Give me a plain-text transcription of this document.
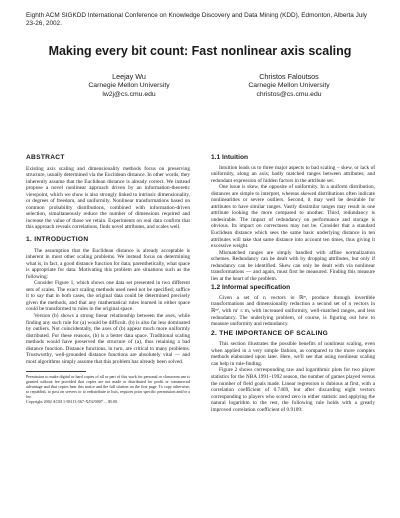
Eighth ACM SIGKDD International Conference on Knowledge Discovery and Data Mining (KDD), Edmonton, Alberta July 23-26, 2002.
Making every bit count: Fast nonlinear axis scaling
Leejay Wu
Carnegie Mellon University
lw2j@cs.cmu.edu
Christos Faloutsos
Carnegie Mellon University
christos@cs.cmu.edu
ABSTRACT

Existing axis scaling and dimensionality methods focus on preserving structure, usually determined via the Euclidean distance. In other words, they inherently assume that the Euclidean distance is already correct. We instead propose a novel nonlinear approach driven by an information-theoretic viewpoint, which we show is also strongly linked to intrinsic dimensionality, or degrees of freedom, and uniformity. Nonlinear transformations based on common probability distributions, combined with information-driven selection, simultaneously reduce the number of dimensions required and increase the value of those we retain. Experiments on real data confirm that this approach reveals correlations, finds novel attributes, and scales well.

1. INTRODUCTION

The assumption that the Euclidean distance is already acceptable is inherent in most other scaling problems. We instead focus on determining what is, in fact, a good distance function for data; parenthetically, what space is appropriate for data. Motivating this problem are situations such as the following:

Consider Figure 1, which shows one data set presented in two different sets of scales. The exact scaling methods used need not be specified; suffice it to say that in both cases, the original data could be determined precisely given the methods, and that any mathematical rules learned in either space could be transformed to rules in the original space.

Version (b) shows a strong linear relationship between the axes, while finding any such rule for (a) would be difficult. (b) is also far less dominated by outliers. Not coincidentally, the axes of (b) appear much more uniformly distributed. For these reasons, (b) is a better data space. Traditional scaling methods would have preserved the structure of (a), thus retaining a bad distance function. Distance functions, in turn, are critical to many problems. Trustworthy, well-grounded distance functions are absolutely vital — and most algorithms simply assume that this problem has already been solved.

Permission to make digital or hard copies of all or part of this work for personal or classroom use is granted without fee provided that copies are not made or distributed for profit or commercial advantage and that copies bear this notice and the full citation on the first page. To copy otherwise, to republish, to post on servers or to redistribute to lists, requires prior specific permission and/or a fee.

Copyright 2002 ACM 1-58113-567-X/02/0007 ... $5.00.

1.1 Intuition

Intuition leads us to three major aspects to bad scaling – skew, or lack of uniformity, along an axis; badly matched ranges between attributes; and redundant expression of hidden factors in the attribute set.

One issue is skew, the opposite of uniformity. In a uniform distribution, distances are simple to interpret, whereas skewed distributions often indicate nonlinearities or severe outliers. Second, it may well be desirable for attributes to have similar ranges. Vastly dissimilar ranges may result in one attribute looking the more compared to another. Third, redundancy is undesirable. The impact of redundancy on performance and storage is obvious. Its impact on correctness may not be. Consider that a standard Euclidean distance which sees the same basic underlying distance in ten attributes will take that same distance into account ten times, thus giving it excessive weight.

Mismatched ranges are simply handled with affine normalization schemes. Redundancy can be dealt with by dropping attributes, but only if redundancy can be identified. Skew can only be dealt with via nonlinear transformations — and again, must first be measured. Finding this measure lies at the heart of the problem.

1.2 Informal specification

Given a set of n vectors in ℝᵐ, produce through invertible transformations and dimensionality reduction a second set of n vectors in ℝᵐ′, with m′ ≤ m, with increased uniformity, well-matched ranges, and less redundancy. The underlying problem, of course, is figuring out how to measure uniformity and redundancy.

2. THE IMPORTANCE OF SCALING

This section illustrates the possible benefits of nonlinear scaling, even when applied in a very simple fashion, as compared to the more complex methods elaborated upon later. Here, we'll see that using nonlinear scaling can help in rule-finding.

Figure 2 shows corresponding raw and logarithmic plots for two player statistics for the NBA 1991–1992 season, the number of games played versus the number of field goals made. Linear regression is dubious at first, with a correlation coefficient of 0.7469, but after discarding eight vectors corresponding to players who scored zero in either statistic and applying the natural logarithm to the rest, the following rule holds with a greatly improved correlation coefficient of 0.9109:
